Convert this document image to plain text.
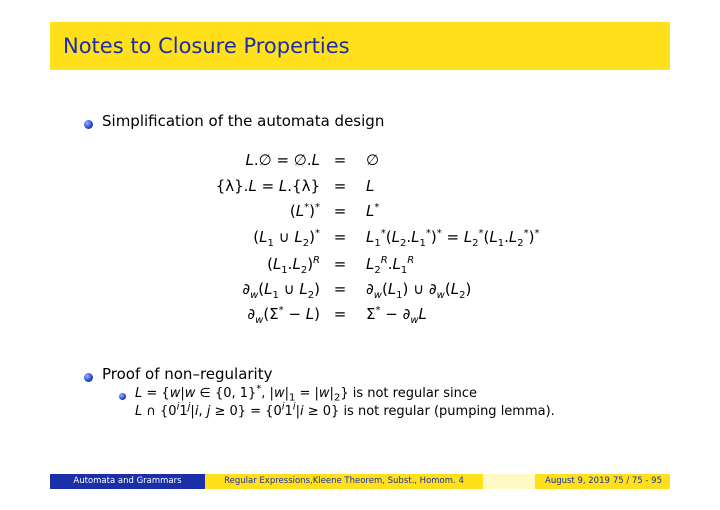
Notes to Closure Properties
Simplification of the automata design
L.∅ = ∅.L = ∅
{λ}.L = L.{λ} = L
(L*)* = L*
($L_1$ ∪ $L_2)^* = L_1^*(L_2.L_1^*)^* = L_2^*(L_1.L_2^*)^*$
$(L_1.L_2)^R = L_2^R.L_1^R$
$\partial_w(L_1$ ∪ $L_2) = \partial_w(L_1)$ ∪ $\partial_w(L_2)$
$\partial_w(\Sigma^* - L) = \Sigma^* - \partial_wL$
Proof of non–regularity
L = {w|w ∈ {0, 1}*, $|w|_1 = |w|_2$} is not regular since
L ∩ {0$^i$1$^j$|i, $j \ge 0\} = \{0^i1^i|i \ge 0\}$ is not regular (pumping lemma).
Automata and Grammars	Regular Expressions,Kleene Theorem, Subst., Homom. 4	August 9, 2019 75 / 75 - 95
